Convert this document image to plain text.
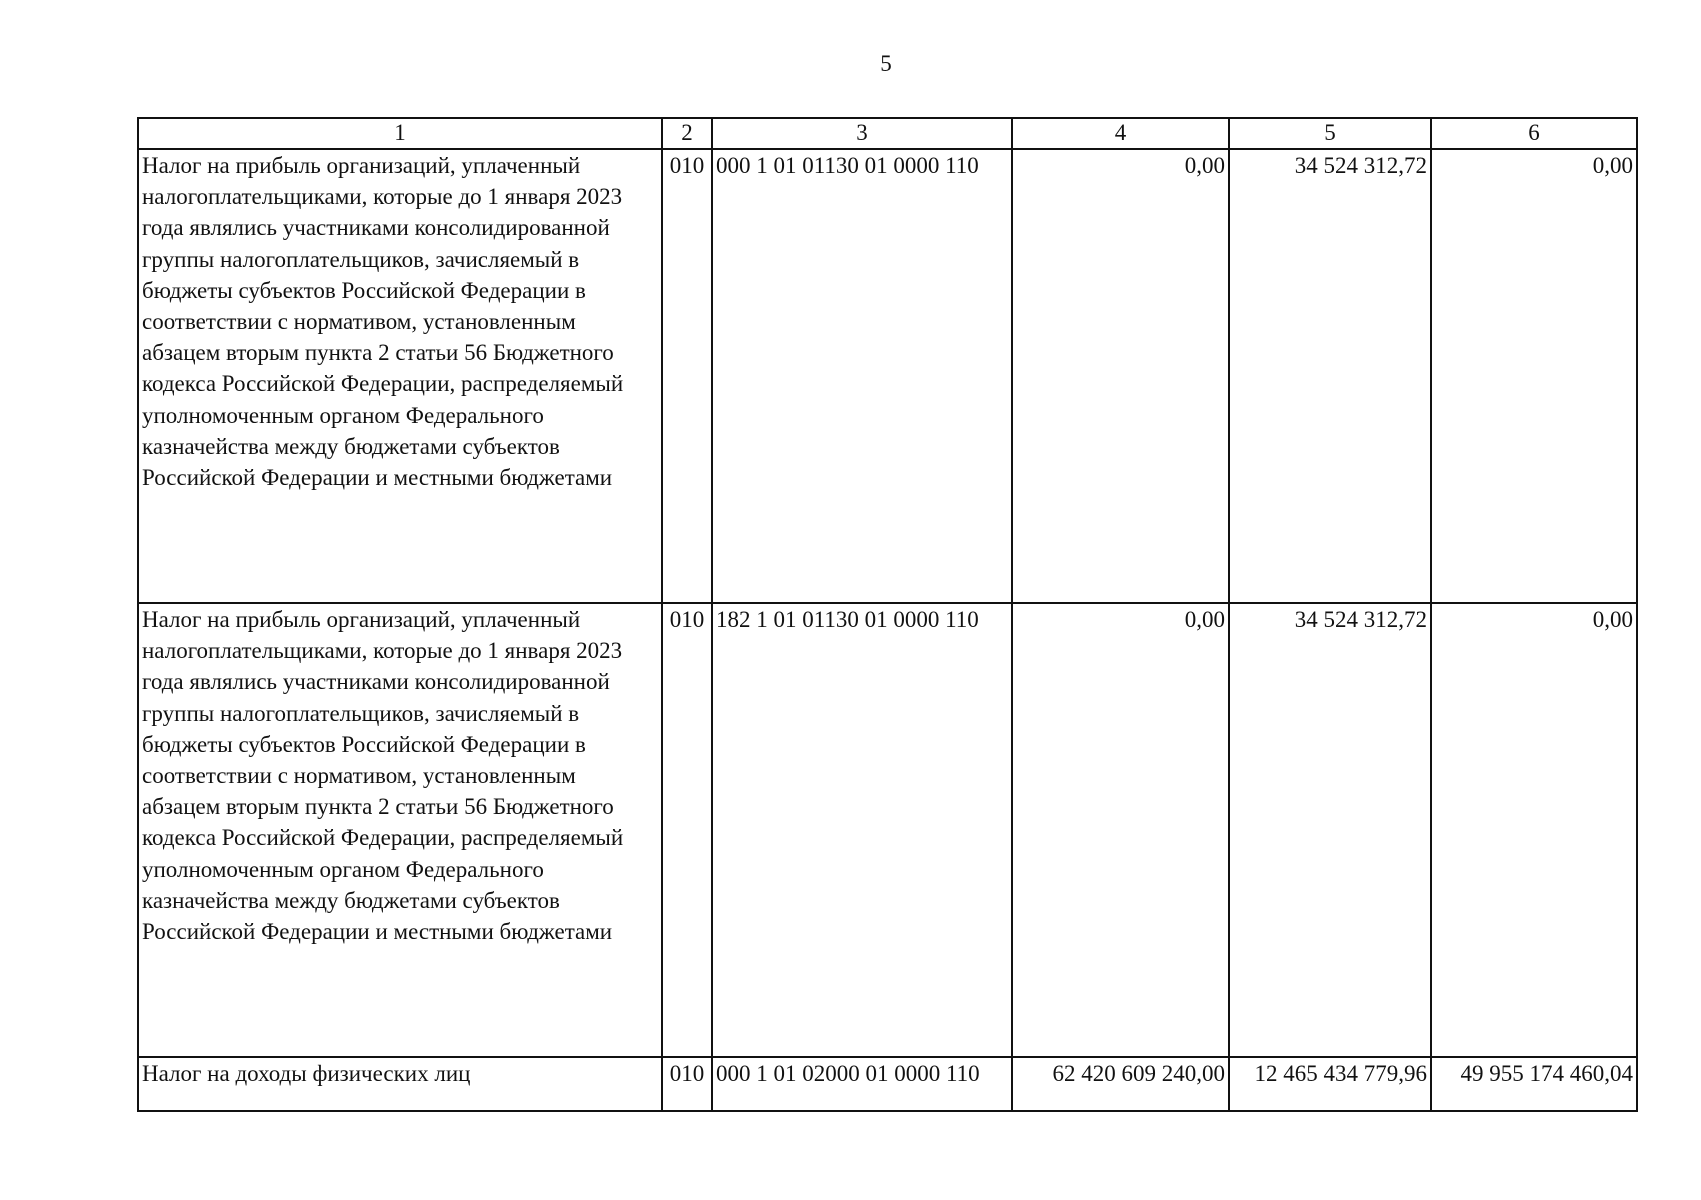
5
1	2	3	4	5	6
Налог на прибыль организаций, уплаченный налогоплательщиками, которые до 1 января 2023 года являлись участниками консолидированной группы налогоплательщиков, зачисляемый в бюджеты субъектов Российской Федерации в соответствии с нормативом, установленным абзацем вторым пункта 2 статьи 56 Бюджетного кодекса Российской Федерации, распределяемый уполномоченным органом Федерального казначейства между бюджетами субъектов Российской Федерации и местными бюджетами	010	000 1 01 01130 01 0000 110	0,00	34 524 312,72	0,00
Налог на прибыль организаций, уплаченный налогоплательщиками, которые до 1 января 2023 года являлись участниками консолидированной группы налогоплательщиков, зачисляемый в бюджеты субъектов Российской Федерации в соответствии с нормативом, установленным абзацем вторым пункта 2 статьи 56 Бюджетного кодекса Российской Федерации, распределяемый уполномоченным органом Федерального казначейства между бюджетами субъектов Российской Федерации и местными бюджетами	010	182 1 01 01130 01 0000 110	0,00	34 524 312,72	0,00
Налог на доходы физических лиц	010	000 1 01 02000 01 0000 110	62 420 609 240,00	12 465 434 779,96	49 955 174 460,04
